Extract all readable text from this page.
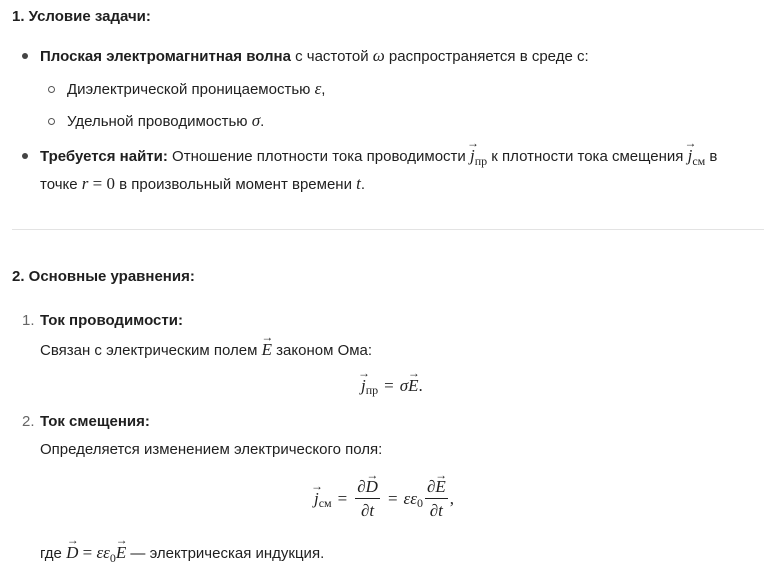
1. Условие задачи:
Плоская электромагнитная волна с частотой ω распространяется в среде с:
Диэлектрической проницаемостью ε,
Удельной проводимостью σ.
Требуется найти: Отношение плотности тока проводимости → $j_{пр}$ к плотности тока смещения → $j_{см}$ в
точке r = 0 в произвольный момент времени t.
2. Основные уравнения:
1. Ток проводимости:
Связан с электрическим полем → E законом Ома:
→ j пр = σ
→ E .
2. Ток смещения:
Определяется изменением электрического поля:
→ j см = $\frac{\partial\to D}{\partial t} = \varepsilon\varepsilon$ $0 \frac{\partial\to E}{\partial t}$ ,
где → $D = \varepsilon\varepsilon_0\to E$ — электрическая индукция.
